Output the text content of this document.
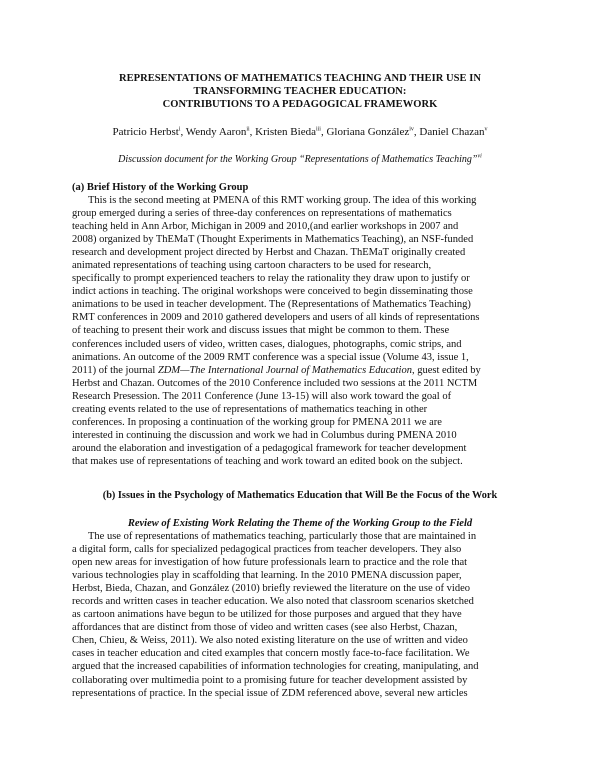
REPRESENTATIONS OF MATHEMATICS TEACHING AND THEIR USE IN
TRANSFORMING TEACHER EDUCATION:
CONTRIBUTIONS TO A PEDAGOGICAL FRAMEWORK
Patricio Herbst$^i$, Wendy Aaron$^{ii}$, Kristen Bieda$^{iii}$, Gloriana González$^{iv}$, Daniel Chazan$^v$
Discussion document for the Working Group “Representations of Mathematics Teaching”$^{vi}$
(a) Brief History of the Working Group
This is the second meeting at PMENA of this RMT working group. The idea of this working
group emerged during a series of three-day conferences on representations of mathematics
teaching held in Ann Arbor, Michigan in 2009 and 2010,(and earlier workshops in 2007 and
2008) organized by ThEMaT (Thought Experiments in Mathematics Teaching), an NSF-funded
research and development project directed by Herbst and Chazan. ThEMaT originally created
animated representations of teaching using cartoon characters to be used for research,
specifically to prompt experienced teachers to relay the rationality they draw upon to justify or
indict actions in teaching. The original workshops were conceived to begin disseminating those
animations to be used in teacher development. The (Representations of Mathematics Teaching)
RMT conferences in 2009 and 2010 gathered developers and users of all kinds of representations
of teaching to present their work and discuss issues that might be common to them. These
conferences included users of video, written cases, dialogues, photographs, comic strips, and
animations. An outcome of the 2009 RMT conference was a special issue (Volume 43, issue 1,
2011) of the journal ZDM—The International Journal of Mathematics Education, guest edited by
Herbst and Chazan. Outcomes of the 2010 Conference included two sessions at the 2011 NCTM
Research Presession. The 2011 Conference (June 13-15) will also work toward the goal of
creating events related to the use of representations of mathematics teaching in other
conferences. In proposing a continuation of the working group for PMENA 2011 we are
interested in continuing the discussion and work we had in Columbus during PMENA 2010
around the elaboration and investigation of a pedagogical framework for teacher development
that makes use of representations of teaching and work toward an edited book on the subject.
(b) Issues in the Psychology of Mathematics Education that Will Be the Focus of the Work
Review of Existing Work Relating the Theme of the Working Group to the Field
The use of representations of mathematics teaching, particularly those that are maintained in
a digital form, calls for specialized pedagogical practices from teacher developers. They also
open new areas for investigation of how future professionals learn to practice and the role that
various technologies play in scaffolding that learning. In the 2010 PMENA discussion paper,
Herbst, Bieda, Chazan, and González (2010) briefly reviewed the literature on the use of video
records and written cases in teacher education. We also noted that classroom scenarios sketched
as cartoon animations have begun to be utilized for those purposes and argued that they have
affordances that are distinct from those of video and written cases (see also Herbst, Chazan,
Chen, Chieu, & Weiss, 2011). We also noted existing literature on the use of written and video
cases in teacher education and cited examples that concern mostly face-to-face facilitation. We
argued that the increased capabilities of information technologies for creating, manipulating, and
collaborating over multimedia point to a promising future for teacher development assisted by
representations of practice. In the special issue of ZDM referenced above, several new articles
